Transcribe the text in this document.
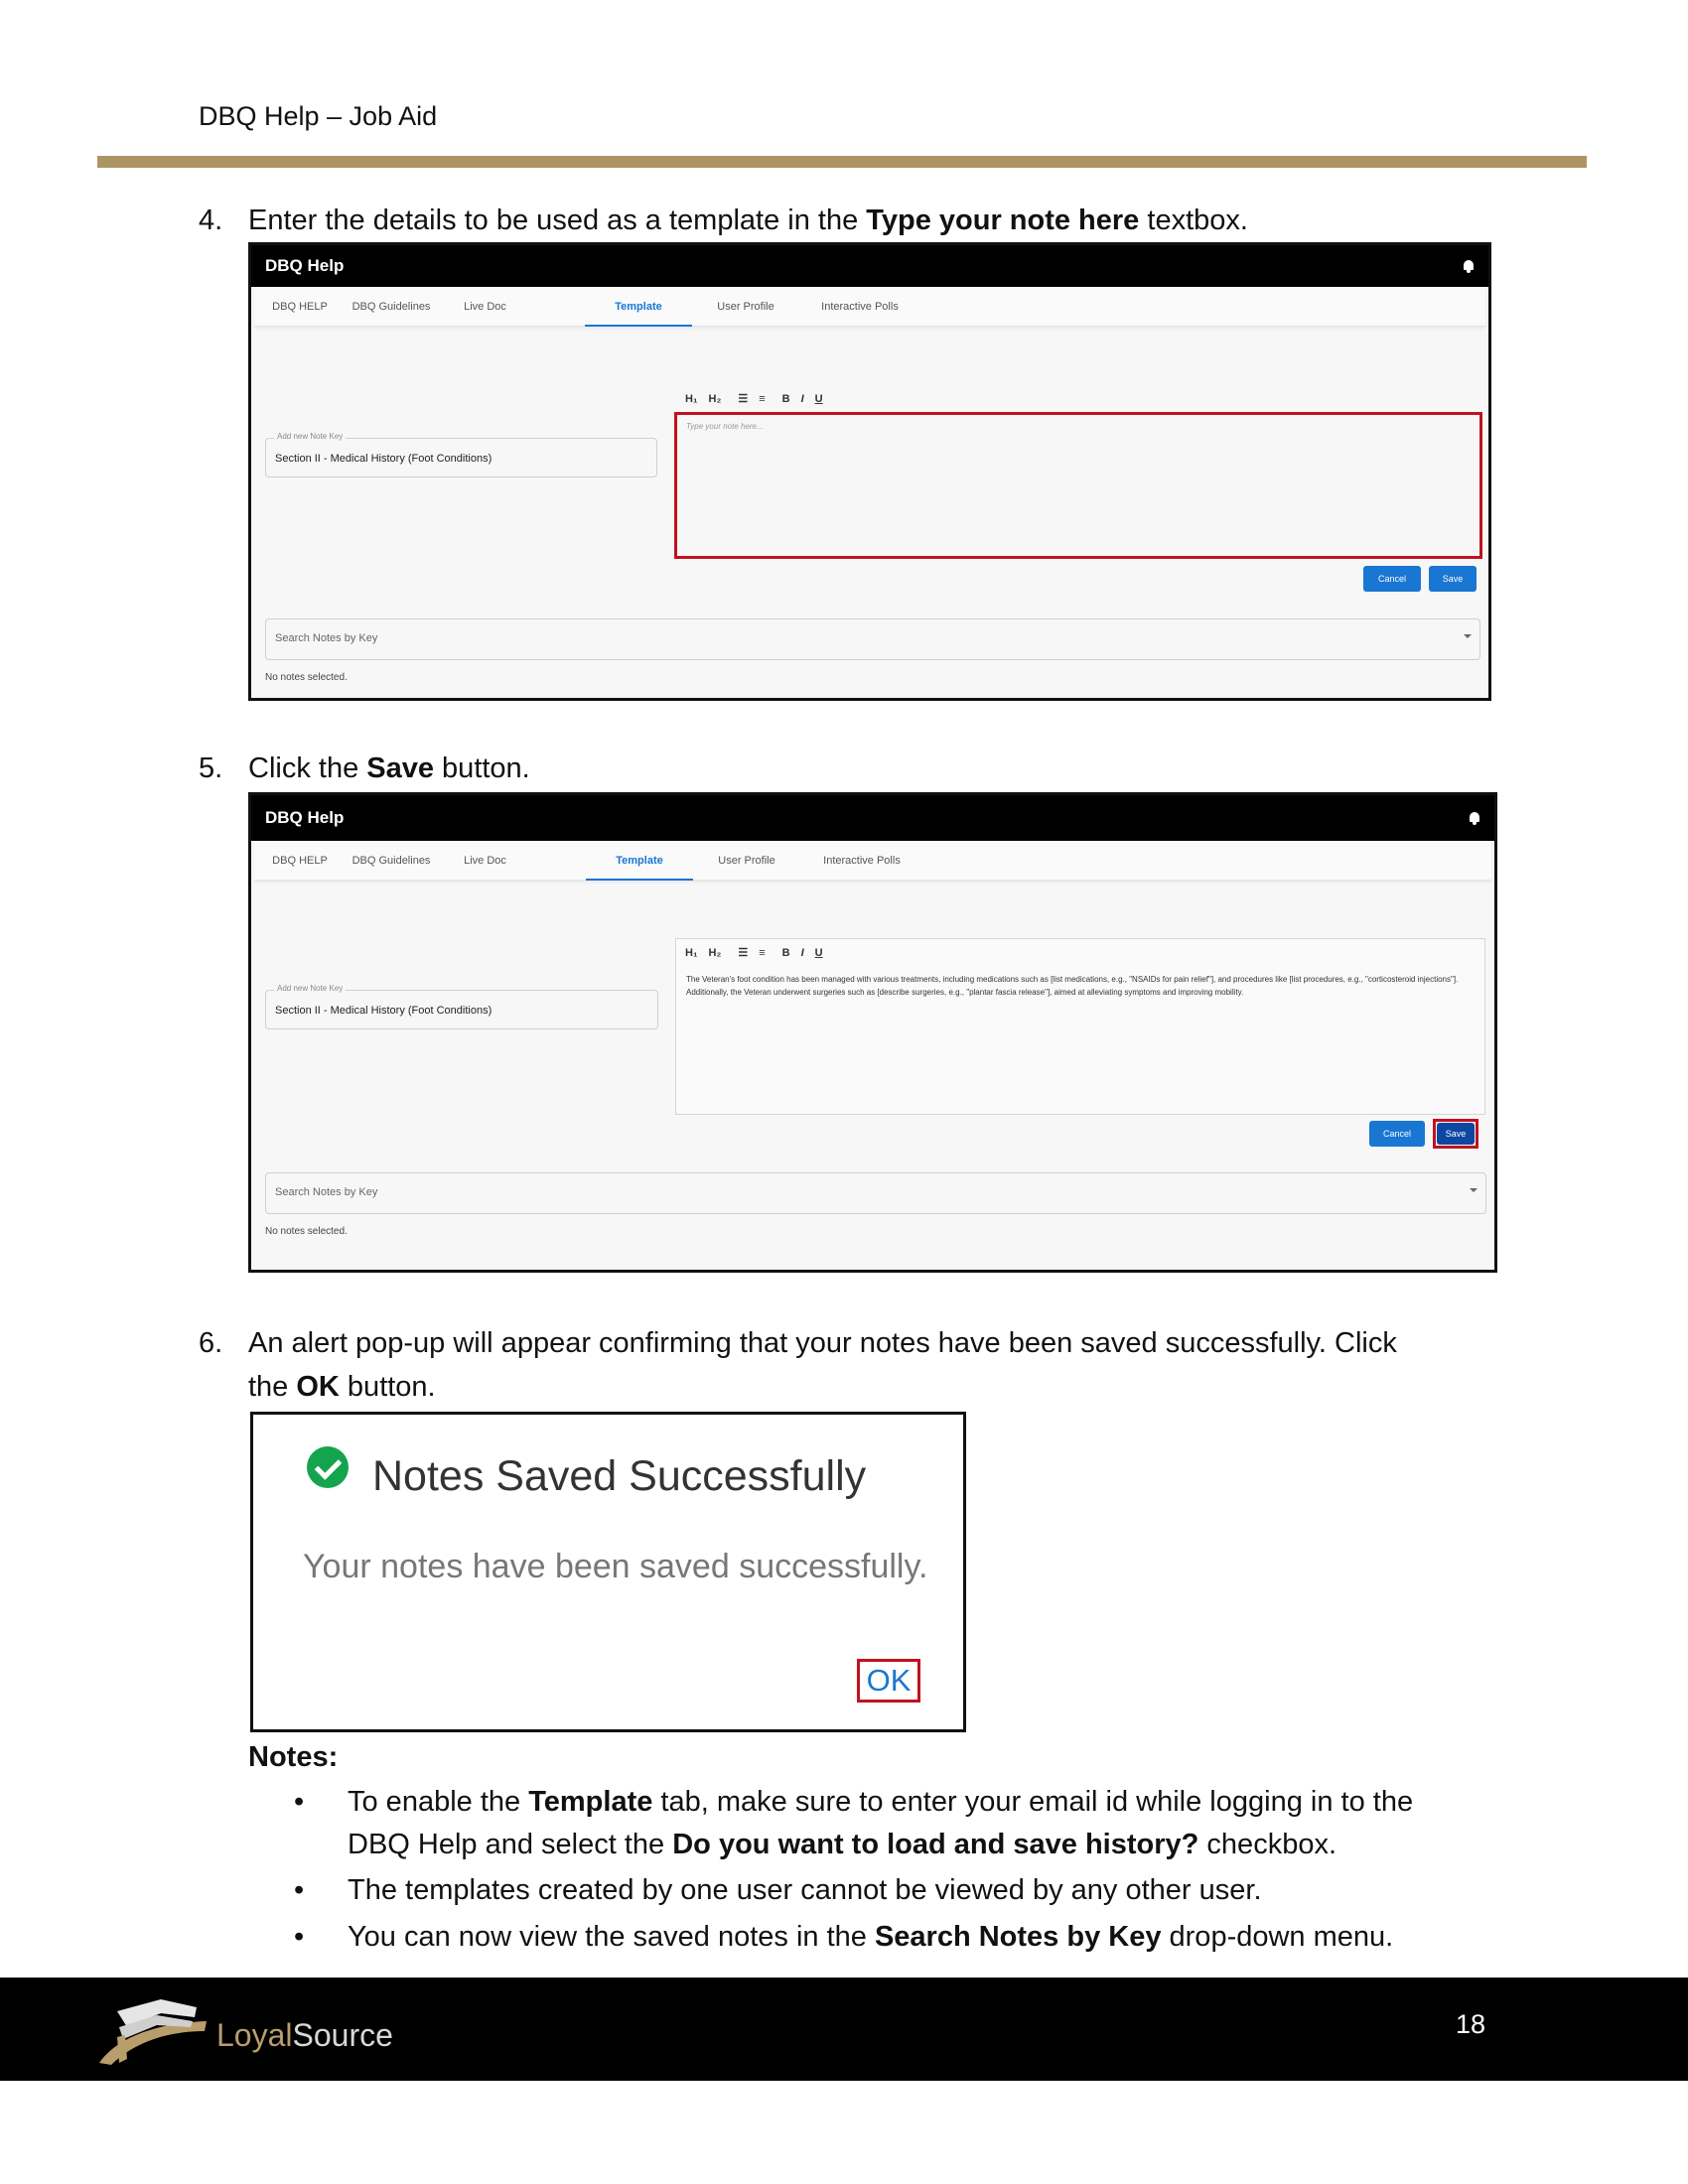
DBQ Help – Job Aid
4. Enter the details to be used as a template in the Type your note here textbox.
DBQ Help
DBQ HELP	DBQ Guidelines	Live Doc	Template	User Profile	Interactive Polls
Add new Note Key
Section II - Medical History (Foot Conditions)
H₁ H₂ ☰ ≡ B I U
Type your note here...
Cancel	Save
Search Notes by Key
No notes selected.
5. Click the Save button.
DBQ Help
DBQ HELP	DBQ Guidelines	Live Doc	Template	User Profile	Interactive Polls
Add new Note Key
Section II - Medical History (Foot Conditions)
H₁ H₂ ☰ ≡ B I U
The Veteran's foot condition has been managed with various treatments, including medications such as [list medications, e.g., "NSAIDs for pain relief"], and procedures like [list procedures, e.g., "corticosteroid injections"]. Additionally, the Veteran underwent surgeries such as [describe surgeries, e.g., "plantar fascia release"], aimed at alleviating symptoms and improving mobility.
Cancel	Save
Search Notes by Key
No notes selected.
6. An alert pop-up will appear confirming that your notes have been saved successfully. Click
the OK button.
Notes Saved Successfully
Your notes have been saved successfully.
OK
Notes:
• To enable the Template tab, make sure to enter your email id while logging in to the
DBQ Help and select the Do you want to load and save history? checkbox.
• The templates created by one user cannot be viewed by any other user.
• You can now view the saved notes in the Search Notes by Key drop-down menu.
LoyalSource	18
